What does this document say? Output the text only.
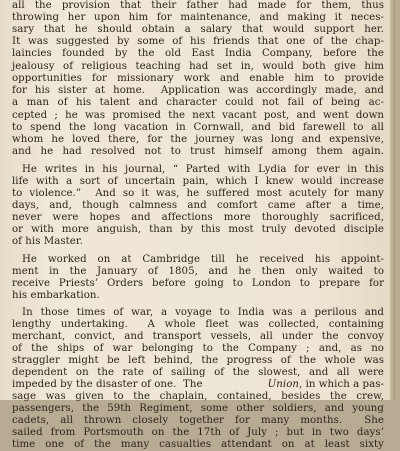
all the provision that their father had made for them, thus
throwing her upon him for maintenance, and making it neces-
sary that he should obtain a salary that would support her.
It was suggested by some of his friends that one of the chap-
laincies founded by the old East India Company, before the
jealousy of religious teaching had set in, would both give him
opportunities for missionary work and enable him to provide
for his sister at home.  Application was accordingly made, and
a man of his talent and character could not fail of being ac-
cepted ; he was promised the next vacant post, and went down
to spend the long vacation in Cornwall, and bid farewell to all
whom he loved there, for the journey was long and expensive,
and he had resolved not to trust himself among them again.
He writes in his journal, “ Parted with Lydia for ever in this
life with a sort of uncertain pain, which I knew would increase
to violence.”  And so it was, he suffered most acutely for many
days, and, though calmness and comfort came after a time,
never were hopes and affections more thoroughly sacrificed,
or with more anguish, than by this most truly devoted disciple
of his Master.
He worked on at Cambridge till he received his appoint-
ment in the January of 1805, and he then only waited to
receive Priests’ Orders before going to London to prepare for
his embarkation.
In those times of war, a voyage to India was a perilous and
lengthy undertaking.  A whole fleet was collected, containing
merchant, convict, and transport vessels, all under the convoy
of the ships of war belonging to the Company ; and, as no
straggler might be left behind, the progress of the whole was
dependent on the rate of sailing of the slowest, and all were
impeded by the disaster of one.  The	Union, in which a pas-
sage was given to the chaplain, contained, besides the crew,
passengers, the 59th Regiment, some other soldiers, and young
cadets, all thrown closely together for many months.  She
sailed from Portsmouth on the 17th of July ; but in two days’
time one of the many casualties attendant on at least sixty
